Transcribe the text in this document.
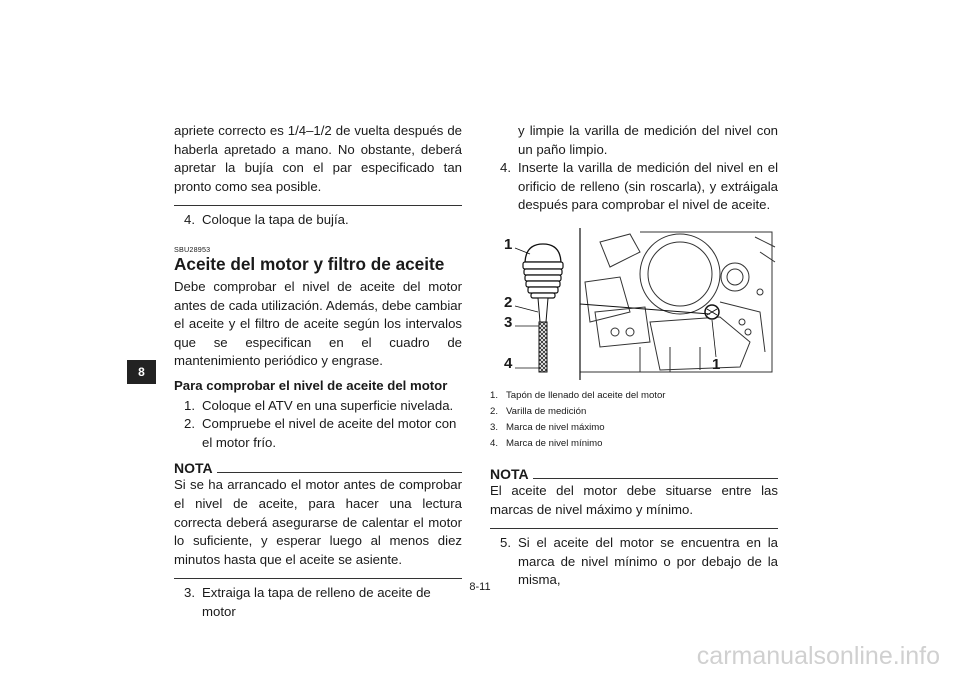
8

apriete correcto es 1/4–1/2 de vuelta después de haberla apretado a mano. No obstante, deberá apretar la bujía con el par especificado tan pronto como sea posible.

4. Coloque la tapa de bujía.
SBU28953
Aceite del motor y filtro de aceite

Debe comprobar el nivel de aceite del motor antes de cada utilización. Además, debe cambiar el aceite y el filtro de aceite según los intervalos que se especifican en el cuadro de mantenimiento periódico y engrase.

Para comprobar el nivel de aceite del motor
1. Coloque el ATV en una superficie nivelada.
2. Compruebe el nivel de aceite del motor con el motor frío.
NOTA

Si se ha arrancado el motor antes de comprobar el nivel de aceite, para hacer una lectura correcta deberá asegurarse de calentar el motor lo suficiente, y esperar luego al menos diez minutos hasta que el aceite se asiente.

3. Extraiga la tapa de relleno de aceite de motor

y limpie la varilla de medición del nivel con un paño limpio.

4. Inserte la varilla de medición del nivel en el orificio de relleno (sin roscarla), y extráigala después para comprobar el nivel de aceite.
1
2
3
4	1
1. Tapón de llenado del aceite del motor
2. Varilla de medición
3. Marca de nivel máximo
4. Marca de nivel mínimo
NOTA

El aceite del motor debe situarse entre las marcas de nivel máximo y mínimo.

5. Si el aceite del motor se encuentra en la marca de nivel mínimo o por debajo de la misma,
8-11
carmanualsonline.info
